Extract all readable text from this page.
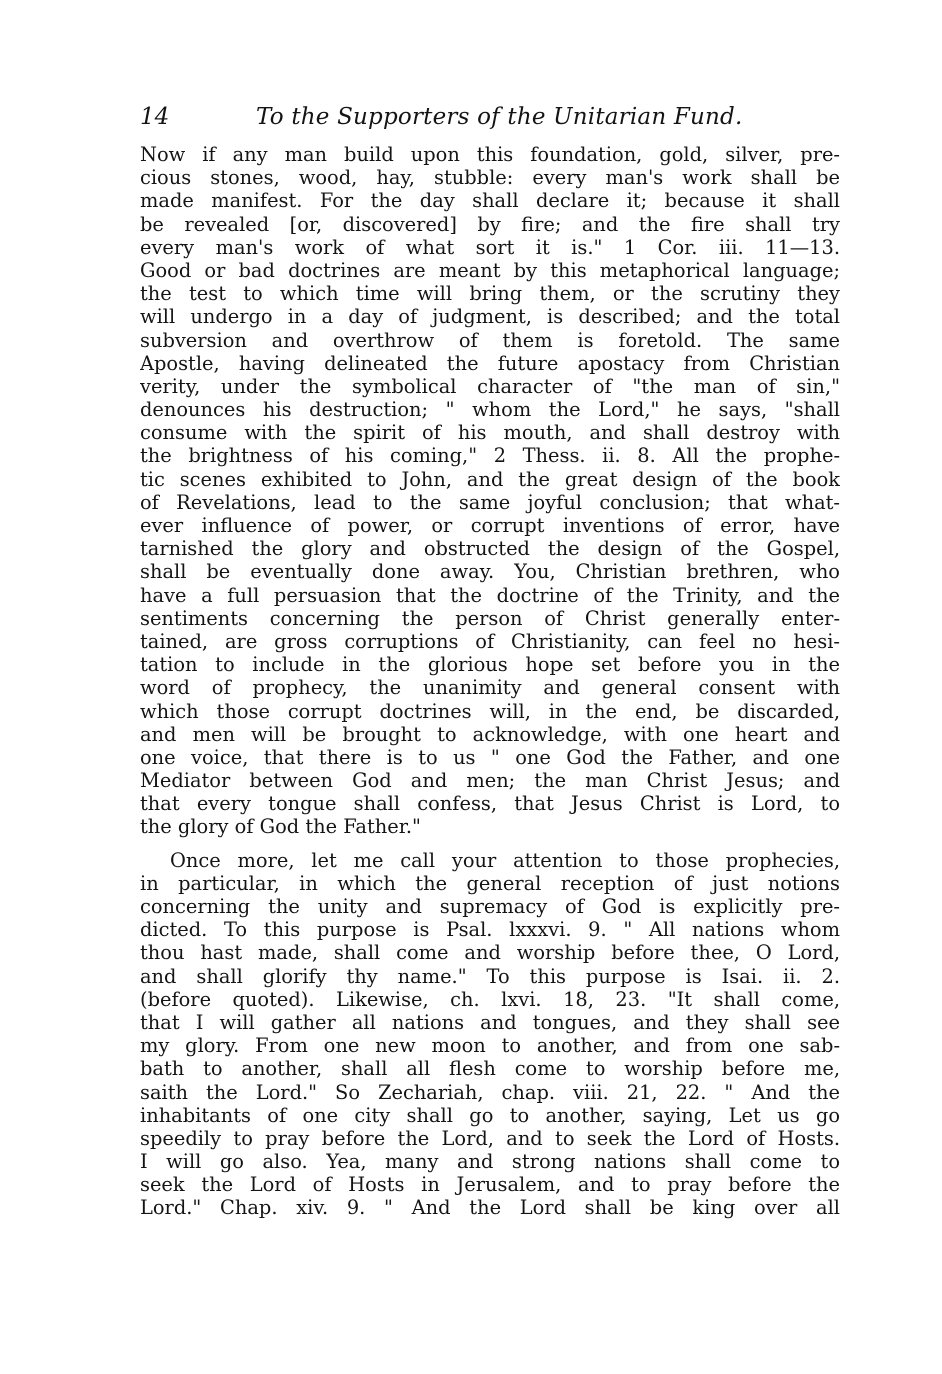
14	To the Supporters of the Unitarian Fund.
Now if any man build upon this foundation, gold, silver, pre-
cious stones, wood, hay, stubble: every man's work shall be
made manifest. For the day shall declare it; because it shall
be revealed [or, discovered] by fire; and the fire shall try
every man's work of what sort it is." 1 Cor. iii. 11—13.
Good or bad doctrines are meant by this metaphorical language;
the test to which time will bring them, or the scrutiny they
will undergo in a day of judgment, is described; and the total
subversion and overthrow of them is foretold. The same
Apostle, having delineated the future apostacy from Christian
verity, under the symbolical character of "the man of sin,"
denounces his destruction; " whom the Lord," he says, "shall
consume with the spirit of his mouth, and shall destroy with
the brightness of his coming," 2 Thess. ii. 8. All the prophe-
tic scenes exhibited to John, and the great design of the book
of Revelations, lead to the same joyful conclusion; that what-
ever influence of power, or corrupt inventions of error, have
tarnished the glory and obstructed the design of the Gospel,
shall be eventually done away. You, Christian brethren, who
have a full persuasion that the doctrine of the Trinity, and the
sentiments concerning the person of Christ generally enter-
tained, are gross corruptions of Christianity, can feel no hesi-
tation to include in the glorious hope set before you in the
word of prophecy, the unanimity and general consent with
which those corrupt doctrines will, in the end, be discarded,
and men will be brought to acknowledge, with one heart and
one voice, that there is to us " one God the Father, and one
Mediator between God and men; the man Christ Jesus; and
that every tongue shall confess, that Jesus Christ is Lord, to
the glory of God the Father."
Once more, let me call your attention to those prophecies,
in particular, in which the general reception of just notions
concerning the unity and supremacy of God is explicitly pre-
dicted. To this purpose is Psal. lxxxvi. 9. " All nations whom
thou hast made, shall come and worship before thee, O Lord,
and shall glorify thy name." To this purpose is Isai. ii. 2.
(before quoted). Likewise, ch. lxvi. 18, 23. "It shall come,
that I will gather all nations and tongues, and they shall see
my glory. From one new moon to another, and from one sab-
bath to another, shall all flesh come to worship before me,
saith the Lord." So Zechariah, chap. viii. 21, 22. " And the
inhabitants of one city shall go to another, saying, Let us go
speedily to pray before the Lord, and to seek the Lord of Hosts.
I will go also. Yea, many and strong nations shall come to
seek the Lord of Hosts in Jerusalem, and to pray before the
Lord." Chap. xiv. 9. " And the Lord shall be king over all
